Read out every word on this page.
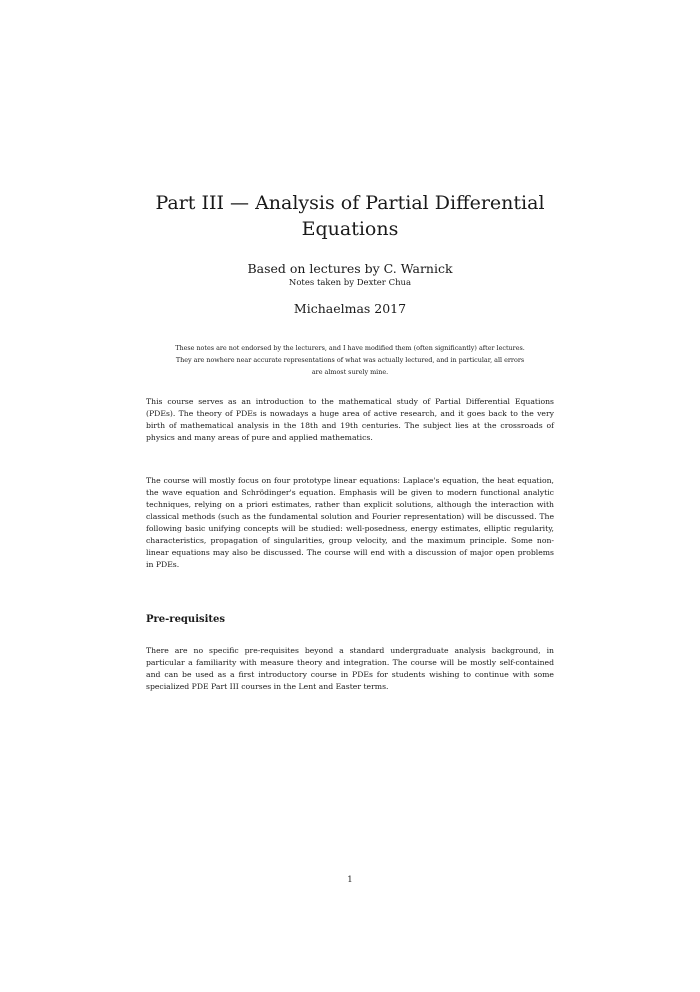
Part III — Analysis of Partial Differential Equations
Based on lectures by C. Warnick
Notes taken by Dexter Chua
Michaelmas 2017
These notes are not endorsed by the lecturers, and I have modified them (often significantly) after lectures. They are nowhere near accurate representations of what was actually lectured, and in particular, all errors are almost surely mine.
This course serves as an introduction to the mathematical study of Partial Differential Equations (PDEs). The theory of PDEs is nowadays a huge area of active research, and it goes back to the very birth of mathematical analysis in the 18th and 19th centuries. The subject lies at the crossroads of physics and many areas of pure and applied mathematics.
The course will mostly focus on four prototype linear equations: Laplace's equation, the heat equation, the wave equation and Schrödinger's equation. Emphasis will be given to modern functional analytic techniques, relying on a priori estimates, rather than explicit solutions, although the interaction with classical methods (such as the fundamental solution and Fourier representation) will be discussed. The following basic unifying concepts will be studied: well-posedness, energy estimates, elliptic regularity, characteristics, propagation of singularities, group velocity, and the maximum principle. Some non-linear equations may also be discussed. The course will end with a discussion of major open problems in PDEs.
Pre-requisites
There are no specific pre-requisites beyond a standard undergraduate analysis background, in particular a familiarity with measure theory and integration. The course will be mostly self-contained and can be used as a first introductory course in PDEs for students wishing to continue with some specialized PDE Part III courses in the Lent and Easter terms.
1
